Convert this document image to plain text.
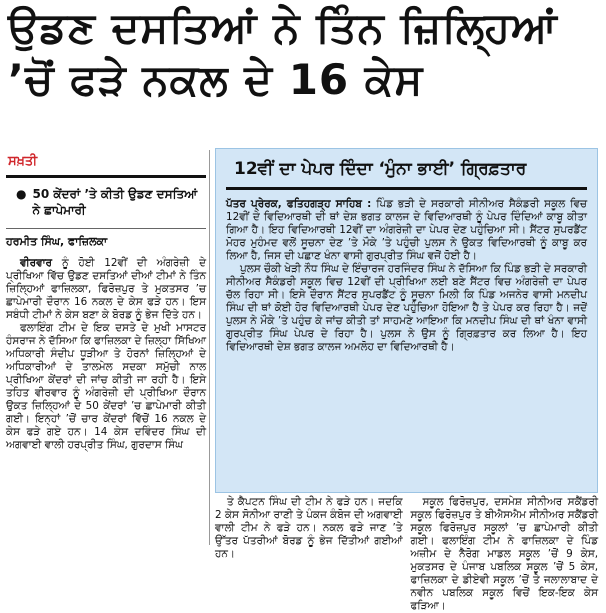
ਉਡਣ ਦਸਤਿਆਂ ਨੇ ਤਿੰਨ ਜ਼ਿਲ੍ਹਿਆਂ
’ਚੋਂ ਫੜੇ ਨਕਲ ਦੇ 16 ਕੇਸ
ਸਖ਼ਤੀ
● 50 ਕੇਂਦਰਾਂ ’ਤੇ ਕੀਤੀ ਉਡਣ ਦਸਤਿਆਂ ਨੇ ਛਾਪੇਮਾਰੀ
ਹਰਮੀਤ ਸਿੰਘ, ਫਾਜ਼ਿਲਕਾ

ਵੀਰਵਾਰ ਨੂੰ ਹੋਈ 12ਵੀਂ ਦੀ ਅੰਗਰੇਜ਼ੀ ਦੇ ਪ੍ਰੀਖਿਆ ਵਿੱਚ ਉਡਣ ਦਸਤਿਆਂ ਦੀਆਂ ਟੀਮਾਂ ਨੇ ਤਿੰਨ ਜ਼ਿਲ੍ਹਿਆਂ ਫਾਜ਼ਿਲਕਾ, ਫਿਰੋਜ਼ਪੁਰ ਤੇ ਮੁਕਤਸਰ ’ਚ ਛਾਪੇਮਾਰੀ ਦੌਰਾਨ 16 ਨਕਲ ਦੇ ਕੇਸ ਫੜੇ ਹਨ। ਇਸ ਸਬੰਧੀ ਟੀਮਾਂ ਨੇ ਕੇਸ ਬਣਾ ਕੇ ਬੋਰਡ ਨੂੰ ਭੇਜ ਦਿੱਤੇ ਹਨ।

ਫਲਾਇੰਗ ਟੀਮ ਦੇ ਇਕ ਦਸਤੇ ਦੇ ਮੁਖੀ ਮਾਸਟਰ ਹੰਸਰਾਜ ਨੇ ਦੱਸਿਆ ਕਿ ਫਾਜ਼ਿਲਕਾ ਦੇ ਜ਼ਿਲ੍ਹਾ ਸਿੱਖਿਆ ਅਧਿਕਾਰੀ ਸੰਦੀਪ ਧੂੜੀਆ ਤੇ ਹੋਰਨਾਂ ਜ਼ਿਲ੍ਹਿਆਂ ਦੇ ਅਧਿਕਾਰੀਆਂ ਦੇ ਤਾਲਮੇਲ ਸਦਕਾ ਸਮੁੱਚੀ ਨਾਲ ਪ੍ਰੀਖਿਆ ਕੇਂਦਰਾਂ ਦੀ ਜਾਂਚ ਕੀਤੀ ਜਾ ਰਹੀ ਹੈ। ਇਸੇ ਤਹਿਤ ਵੀਰਵਾਰ ਨੂੰ ਅੰਗਰੇਜ਼ੀ ਦੀ ਪ੍ਰੀਖਿਆ ਦੌਰਾਨ ਉਕਤ ਜ਼ਿਲ੍ਹਿਆਂ ਦੇ 50 ਕੇਂਦਰਾਂ ’ਚ ਛਾਪੇਮਾਰੀ ਕੀਤੀ ਗਈ। ਇਨ੍ਹਾਂ ’ਚੋਂ ਚਾਰ ਕੇਂਦਰਾਂ ਵਿੱਚੋਂ 16 ਨਕਲ ਦੇ ਕੇਸ ਫੜੇ ਗਏ ਹਨ। 14 ਕੇਸ ਦਵਿੰਦਰ ਸਿੰਘ ਦੀ ਅਗਵਾਈ ਵਾਲੀ ਹਰਪ੍ਰੀਤ ਸਿੰਘ, ਗੁਰਦਾਸ ਸਿੰਘ

12ਵੀਂ ਦਾ ਪੇਪਰ ਦਿੰਦਾ ‘ਮੁੰਨਾ ਭਾਈ’ ਗ੍ਰਿਫ਼ਤਾਰ

ਪੱਤਰ ਪ੍ਰੇਰਕ, ਫਤਿਹਗੜ੍ਹ ਸਾਹਿਬ : ਪਿੰਡ ਭੜੀ ਦੇ ਸਰਕਾਰੀ ਸੀਨੀਅਰ ਸੈਕੰਡਰੀ ਸਕੂਲ ਵਿਚ 12ਵੀਂ ਦੇ ਵਿਦਿਆਰਥੀ ਦੀ ਥਾਂ ਦੇਸ਼ ਭਗਤ ਕਾਲਜ ਦੇ ਵਿਦਿਆਰਥੀ ਨੂੰ ਪੇਪਰ ਦਿੰਦਿਆਂ ਕਾਬੂ ਕੀਤਾ ਗਿਆ ਹੈ। ਇਹ ਵਿਦਿਆਰਥੀ 12ਵੀਂ ਦਾ ਅੰਗਰੇਜ਼ੀ ਦਾ ਪੇਪਰ ਦੇਣ ਪਹੁੰਚਿਆ ਸੀ। ਸੈਂਟਰ ਸੁਪਰਡੈਂਟ ਮੋਹਰ ਮੁਹੰਮਦ ਵਲੋਂ ਸੂਚਨਾ ਦੇਣ ’ਤੇ ਮੌਕੇ ’ਤੇ ਪਹੁੰਚੀ ਪੁਲਸ ਨੇ ਉਕਤ ਵਿਦਿਆਰਥੀ ਨੂੰ ਕਾਬੂ ਕਰ ਲਿਆ ਹੈ, ਜਿਸ ਦੀ ਪਛਾਣ ਖੰਨਾ ਵਾਸੀ ਗੁਰਪ੍ਰੀਤ ਸਿੰਘ ਵਜੋਂ ਹੋਈ ਹੈ।

ਪੁਲਸ ਚੌਕੀ ਖੇੜੀ ਨੌਧ ਸਿੰਘ ਦੇ ਇੰਚਾਰਜ ਹਰਜਿੰਦਰ ਸਿੰਘ ਨੇ ਦੱਸਿਆ ਕਿ ਪਿੰਡ ਭੜੀ ਦੇ ਸਰਕਾਰੀ ਸੀਨੀਅਰ ਸੈਕੰਡਰੀ ਸਕੂਲ ਵਿਚ 12ਵੀਂ ਦੀ ਪ੍ਰੀਖਿਆ ਲਈ ਬਣੇ ਸੈਂਟਰ ਵਿਚ ਅੰਗਰੇਜ਼ੀ ਦਾ ਪੇਪਰ ਚੱਲ ਰਿਹਾ ਸੀ। ਇਸੇ ਦੌਰਾਨ ਸੈਂਟਰ ਸੁਪਰਡੈਂਟ ਨੂੰ ਸੂਚਨਾ ਮਿਲੀ ਕਿ ਪਿੰਡ ਅਜਨੇਰ ਵਾਸੀ ਮਨਦੀਪ ਸਿੰਘ ਦੀ ਥਾਂ ਕੋਈ ਹੋਰ ਵਿਦਿਆਰਥੀ ਪੇਪਰ ਦੇਣ ਪਹੁੰਚਿਆ ਹੋਇਆ ਹੈ ਤੇ ਪੇਪਰ ਕਰ ਰਿਹਾ ਹੈ। ਜਦੋਂ ਪੁਲਸ ਨੇ ਮੌਕੇ ’ਤੇ ਪਹੁੰਚ ਕੇ ਜਾਂਚ ਕੀਤੀ ਤਾਂ ਸਾਹਮਣੇ ਆਇਆ ਕਿ ਮਨਦੀਪ ਸਿੰਘ ਦੀ ਥਾਂ ਖੰਨਾ ਵਾਸੀ ਗੁਰਪ੍ਰੀਤ ਸਿੰਘ ਪੇਪਰ ਦੇ ਰਿਹਾ ਹੈ। ਪੁਲਸ ਨੇ ਉਸ ਨੂੰ ਗ੍ਰਿਫ਼ਤਾਰ ਕਰ ਲਿਆ ਹੈ। ਇਹ ਵਿਦਿਆਰਥੀ ਦੇਸ਼ ਭਗਤ ਕਾਲਜ ਅਮਲੋਹ ਦਾ ਵਿਦਿਆਰਥੀ ਹੈ।

ਤੇ ਕੈਪਟਨ ਸਿੰਘ ਦੀ ਟੀਮ ਨੇ ਫੜੇ ਹਨ। ਜਦਕਿ 2 ਕੇਸ ਸੋਨੀਆ ਰਾਣੀ ਤੇ ਪੰਕਜ ਕੰਬੋਜ ਦੀ ਅਗਵਾਈ ਵਾਲੀ ਟੀਮ ਨੇ ਫੜੇ ਹਨ। ਨਕਲ ਫੜੇ ਜਾਣ ’ਤੇ ਉੱਤਰ ਪੱਤਰੀਆਂ ਬੋਰਡ ਨੂੰ ਭੇਜ ਦਿੱਤੀਆਂ ਗਈਆਂ ਹਨ।

ਸਕੂਲ ਫਿਰੋਜ਼ਪੁਰ, ਦਸਮੇਸ਼ ਸੀਨੀਅਰ ਸਕੈਂਡਰੀ ਸਕੂਲ ਫਿਰੋਜ਼ਪੁਰ ਤੇ ਬੀਐਸਐਮ ਸੀਨੀਅਰ ਸਕੈਂਡਰੀ ਸਕੂਲ ਫਿਰੋਜ਼ਪੁਰ ਸਕੂਲਾਂ ’ਚ ਛਾਪੇਮਾਰੀ ਕੀਤੀ ਗਈ। ਫਲਾਇੰਗ ਟੀਮ ਨੇ ਫਾਜ਼ਿਲਕਾ ਦੇ ਪਿੰਡ ਅਜ਼ੀਮ ਦੇ ਨੈਰੋਗ ਮਾਡਲ ਸਕੂਲ ’ਚੋਂ 9 ਕੇਸ, ਮੁਕਤਸਰ ਦੇ ਪੰਜਾਬ ਪਬਲਿਕ ਸਕੂਲ ’ਚੋਂ 5 ਕੇਸ, ਫਾਜ਼ਿਲਕਾ ਦੇ ਡੀਏਵੀ ਸਕੂਲ ’ਚੋਂ ਤੇ ਜਲਾਲਾਬਾਦ ਦੇ ਨਵੀਨ ਪਬਲਿਕ ਸਕੂਲ ਵਿਚੋਂ ਇਕ-ਇਕ ਕੇਸ ਫੜਿਆ।
